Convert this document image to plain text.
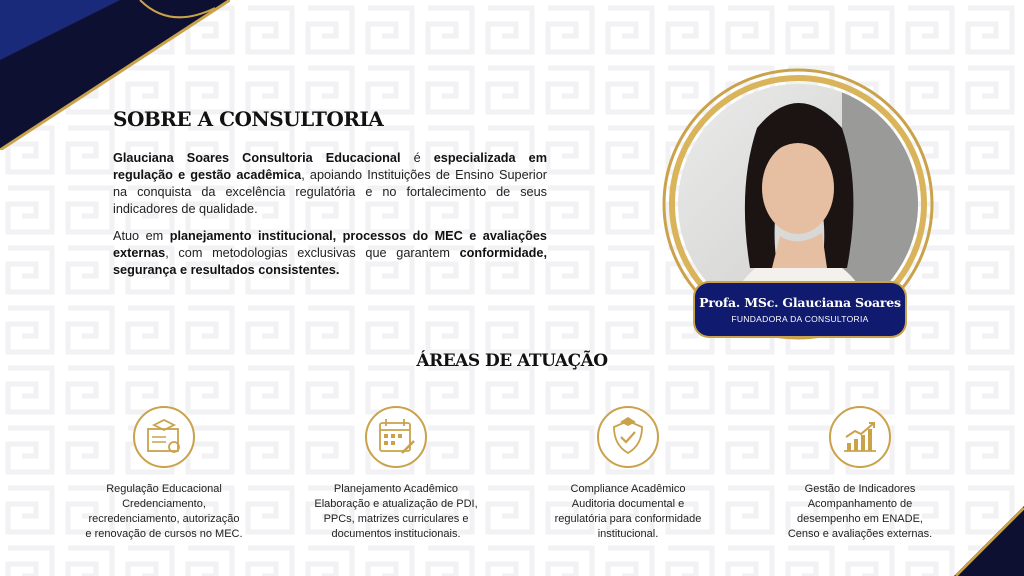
SOBRE A CONSULTORIA

Glauciana Soares Consultoria Educacional é especializada em regulação e gestão acadêmica, apoiando Instituições de Ensino Superior na conquista da excelência regulatória e no fortalecimento de seus indicadores de qualidade.

Atuo em planejamento institucional, processos do MEC e avaliações externas, com metodologias exclusivas que garantem conformidade, segurança e resultados consistentes.

Profa. MSc. Glauciana Soares
FUNDADORA DA CONSULTORIA
ÁREAS DE ATUAÇÃO
Regulação Educacional
Credenciamento,
recredenciamento, autorização
e renovação de cursos no MEC.
Planejamento Acadêmico
Elaboração e atualização de PDI,
PPCs, matrizes curriculares e
documentos institucionais.
Compliance Acadêmico
Auditoria documental e
regulatória para conformidade
institucional.
Gestão de Indicadores
Acompanhamento de
desempenho em ENADE,
Censo e avaliações externas.
